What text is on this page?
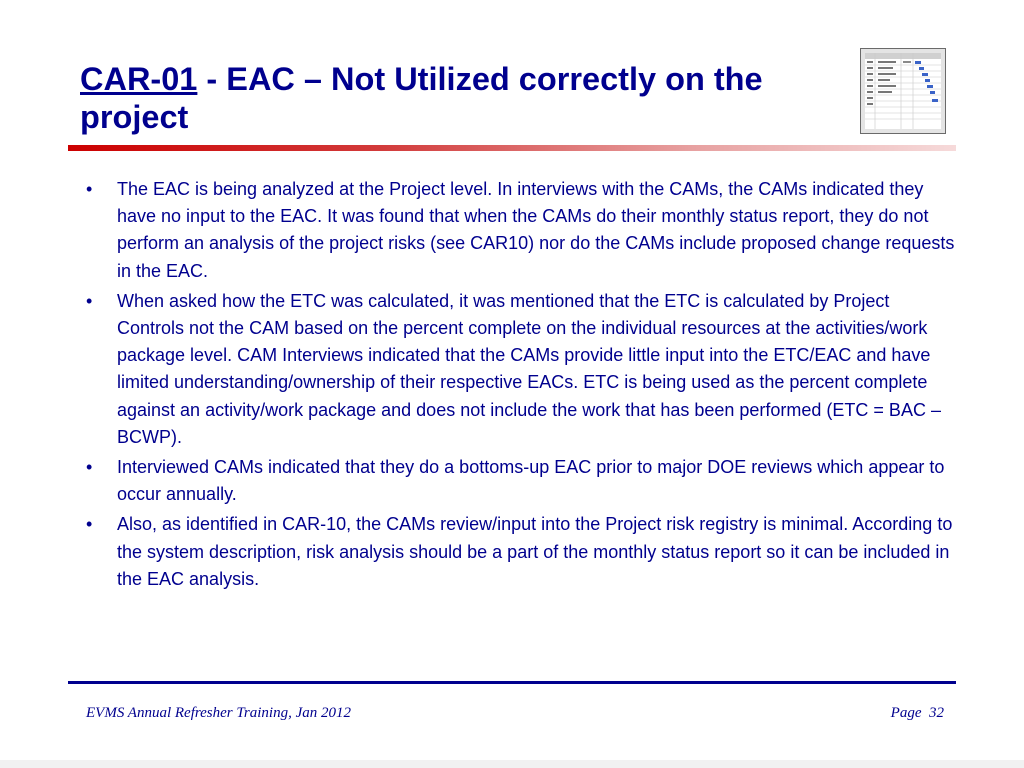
CAR-01 - EAC – Not Utilized correctly on the project
• The EAC is being analyzed at the Project level. In interviews with the CAMs, the CAMs indicated they have no input to the EAC. It was found that when the CAMs do their monthly status report, they do not perform an analysis of the project risks (see CAR10) nor do the CAMs include proposed change requests in the EAC.
• When asked how the ETC was calculated, it was mentioned that the ETC is calculated by Project Controls not the CAM based on the percent complete on the individual resources at the activities/work package level. CAM Interviews indicated that the CAMs provide little input into the ETC/EAC and have limited understanding/ownership of their respective EACs. ETC is being used as the percent complete against an activity/work package and does not include the work that has been performed (ETC = BAC – BCWP).
• Interviewed CAMs indicated that they do a bottoms-up EAC prior to major DOE reviews which appear to occur annually.
• Also, as identified in CAR-10, the CAMs review/input into the Project risk registry is minimal. According to the system description, risk analysis should be a part of the monthly status report so it can be included in the EAC analysis.
EVMS Annual Refresher Training, Jan 2012	Page 32
